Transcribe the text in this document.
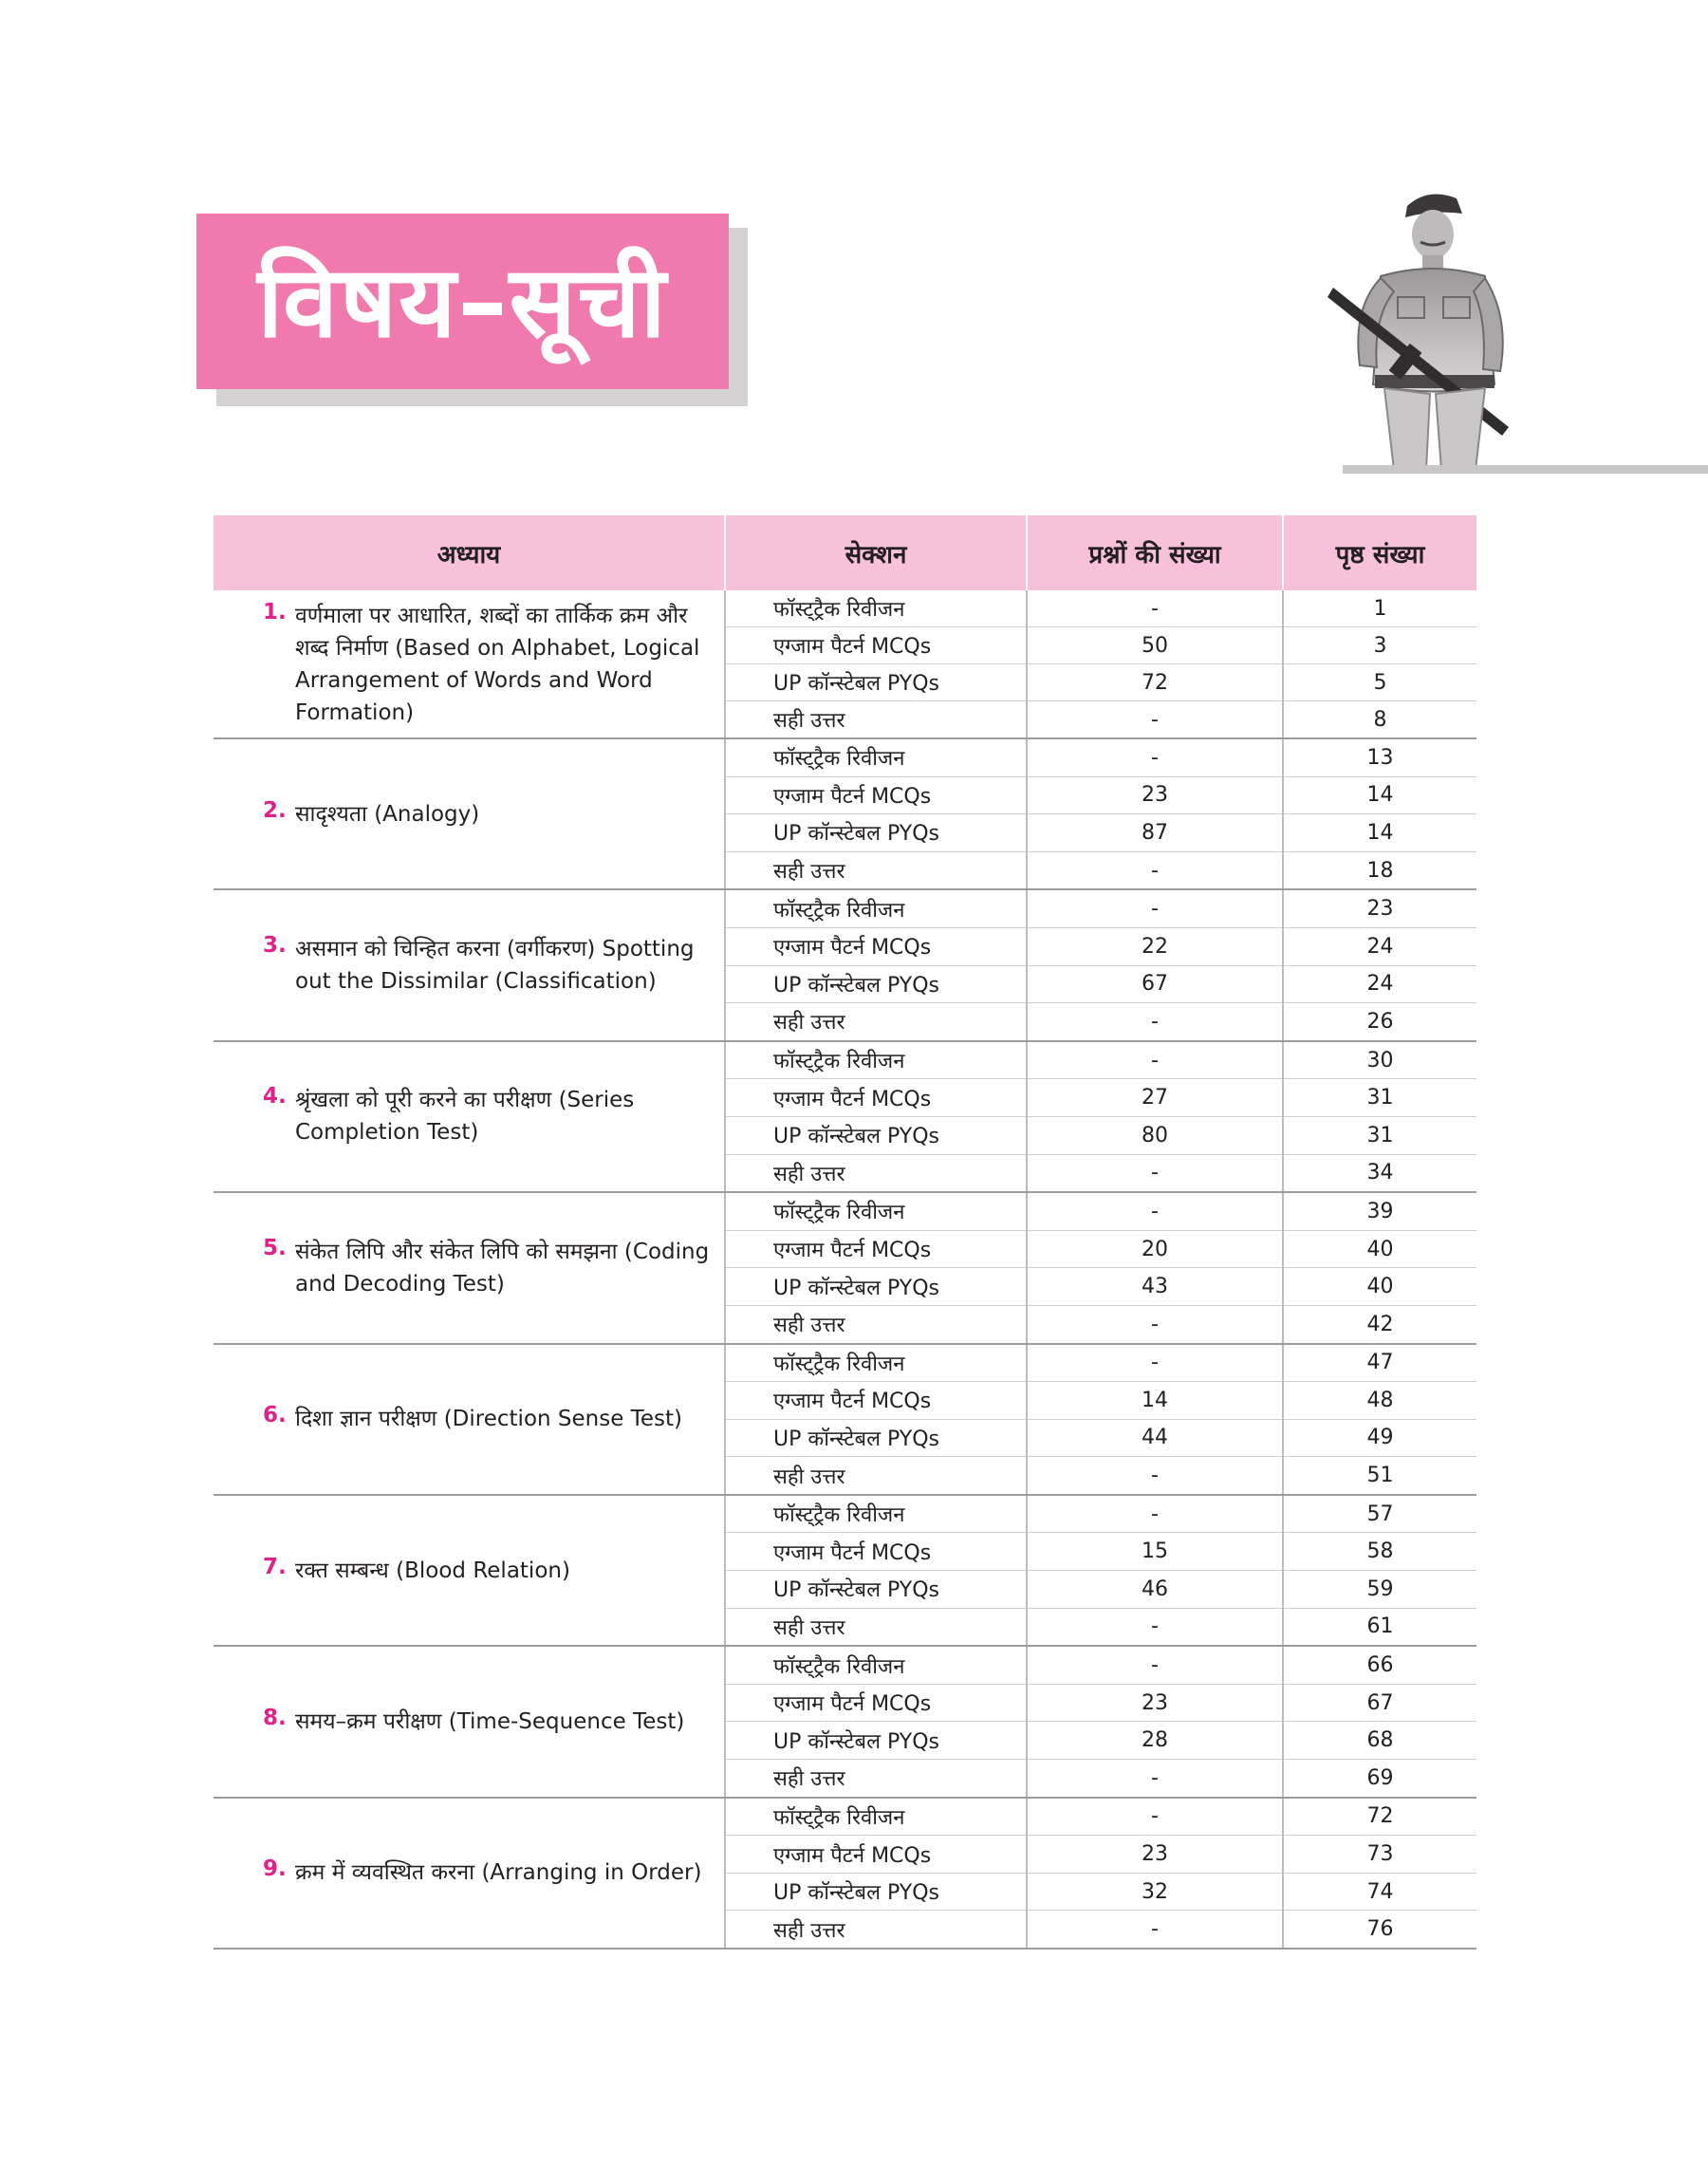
विषय–सूची
अध्याय	सेक्शन	प्रश्नों की संख्या	पृष्ठ संख्या

1. वर्णमाला पर आधारित, शब्दों का तार्किक क्रम और शब्द निर्माण (Based on Alphabet, Logical Arrangement of Words and Word Formation)	फॉस्ट्ट्रैक रिवीजन	-	1
	एग्जाम पैटर्न MCQs	50	3
	UP कॉन्स्टेबल PYQs	72	5
	सही उत्तर	-	8

2. सादृश्यता (Analogy)	फॉस्ट्ट्रैक रिवीजन	-	13
	एग्जाम पैटर्न MCQs	23	14
	UP कॉन्स्टेबल PYQs	87	14
	सही उत्तर	-	18

3. असमान को चिन्हित करना (वर्गीकरण) Spotting out the Dissimilar (Classification)	फॉस्ट्ट्रैक रिवीजन	-	23
	एग्जाम पैटर्न MCQs	22	24
	UP कॉन्स्टेबल PYQs	67	24
	सही उत्तर	-	26

4. श्रृंखला को पूरी करने का परीक्षण (Series Completion Test)	फॉस्ट्ट्रैक रिवीजन	-	30
	एग्जाम पैटर्न MCQs	27	31
	UP कॉन्स्टेबल PYQs	80	31
	सही उत्तर	-	34

5. संकेत लिपि और संकेत लिपि को समझना (Coding and Decoding Test)	फॉस्ट्ट्रैक रिवीजन	-	39
	एग्जाम पैटर्न MCQs	20	40
	UP कॉन्स्टेबल PYQs	43	40
	सही उत्तर	-	42

6. दिशा ज्ञान परीक्षण (Direction Sense Test)	फॉस्ट्ट्रैक रिवीजन	-	47
	एग्जाम पैटर्न MCQs	14	48
	UP कॉन्स्टेबल PYQs	44	49
	सही उत्तर	-	51

7. रक्त सम्बन्ध (Blood Relation)	फॉस्ट्ट्रैक रिवीजन	-	57
	एग्जाम पैटर्न MCQs	15	58
	UP कॉन्स्टेबल PYQs	46	59
	सही उत्तर	-	61

8. समय–क्रम परीक्षण (Time-Sequence Test)	फॉस्ट्ट्रैक रिवीजन	-	66
	एग्जाम पैटर्न MCQs	23	67
	UP कॉन्स्टेबल PYQs	28	68
	सही उत्तर	-	69

9. क्रम में व्यवस्थित करना (Arranging in Order)	फॉस्ट्ट्रैक रिवीजन	-	72
	एग्जाम पैटर्न MCQs	23	73
	UP कॉन्स्टेबल PYQs	32	74
	सही उत्तर	-	76
